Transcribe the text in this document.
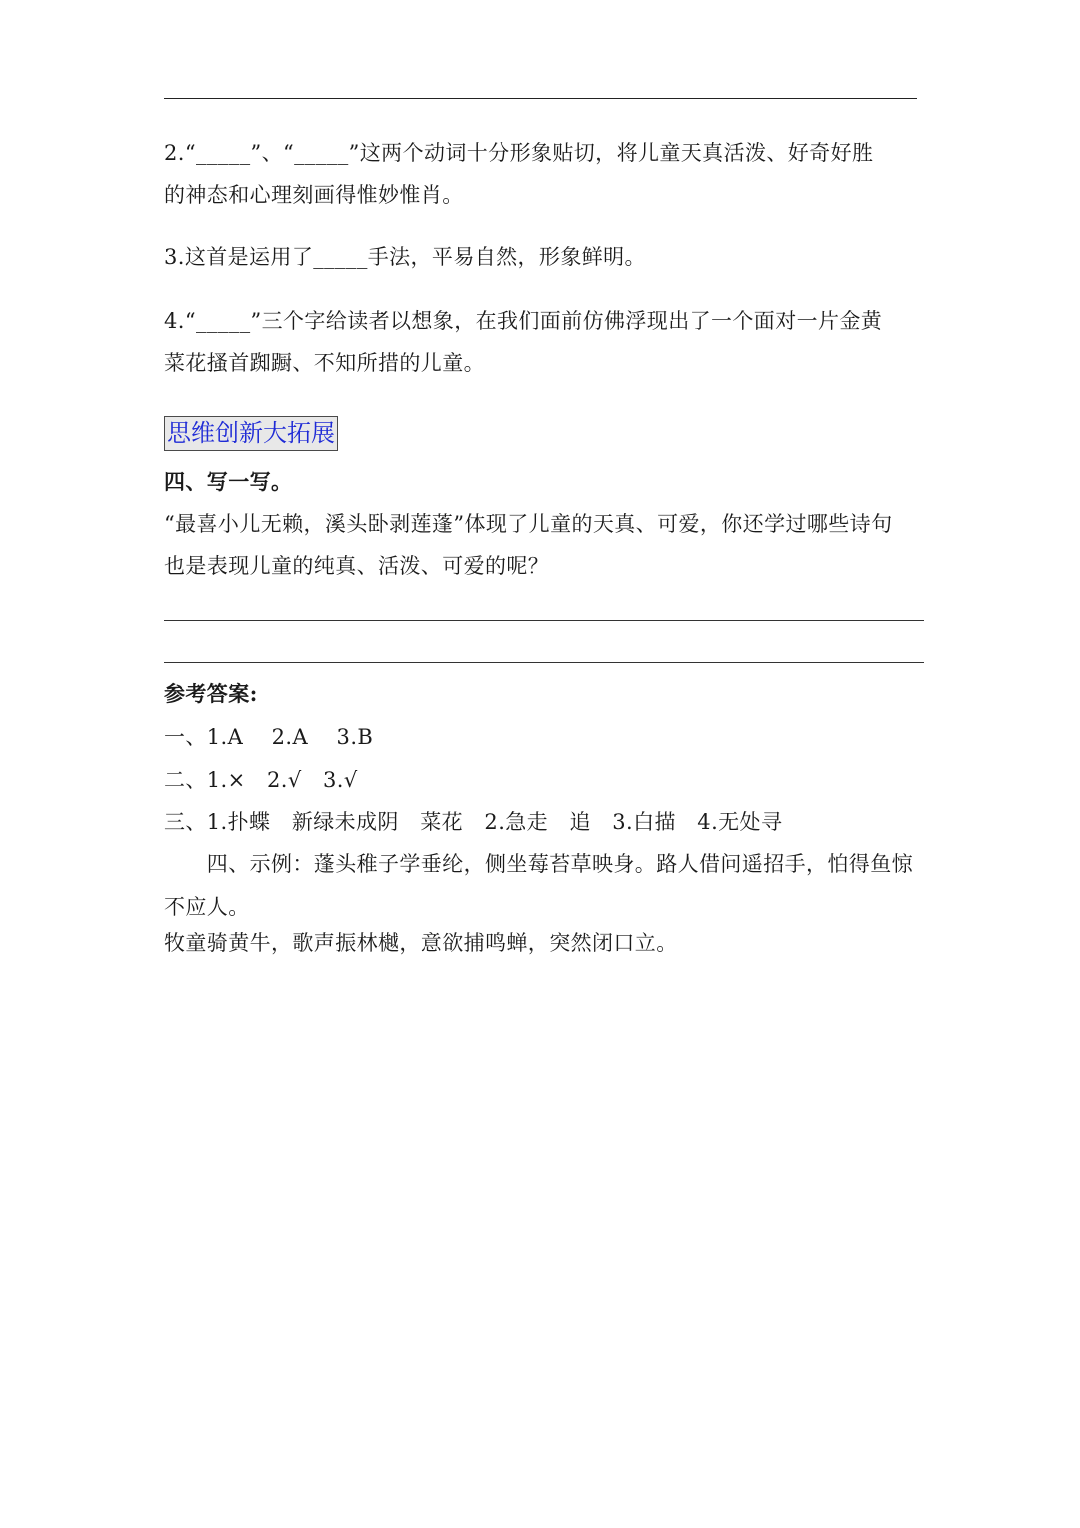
2.“_____”、“_____”这两个动词十分形象贴切，将儿童天真活泼、好奇好胜
的神态和心理刻画得惟妙惟肖。
3.这首是运用了_____手法，平易自然，形象鲜明。
4.“_____”三个字给读者以想象，在我们面前仿佛浮现出了一个面对一片金黄
菜花搔首踟蹰、不知所措的儿童。
思维创新大拓展
四、写一写。
“最喜小儿无赖，溪头卧剥莲蓬”体现了儿童的天真、可爱，你还学过哪些诗句
也是表现儿童的纯真、活泼、可爱的呢？
参考答案:
一、1.A　 2.A　 3.B
二、1.×　2.√　3.√
三、1.扑蝶　新绿未成阴　菜花　2.急走　追　3.白描　4.无处寻
　　四、示例：蓬头稚子学垂纶，侧坐莓苔草映身。路人借问遥招手，怕得鱼惊
不应人。
牧童骑黄牛，歌声振林樾，意欲捕鸣蝉，突然闭口立。
